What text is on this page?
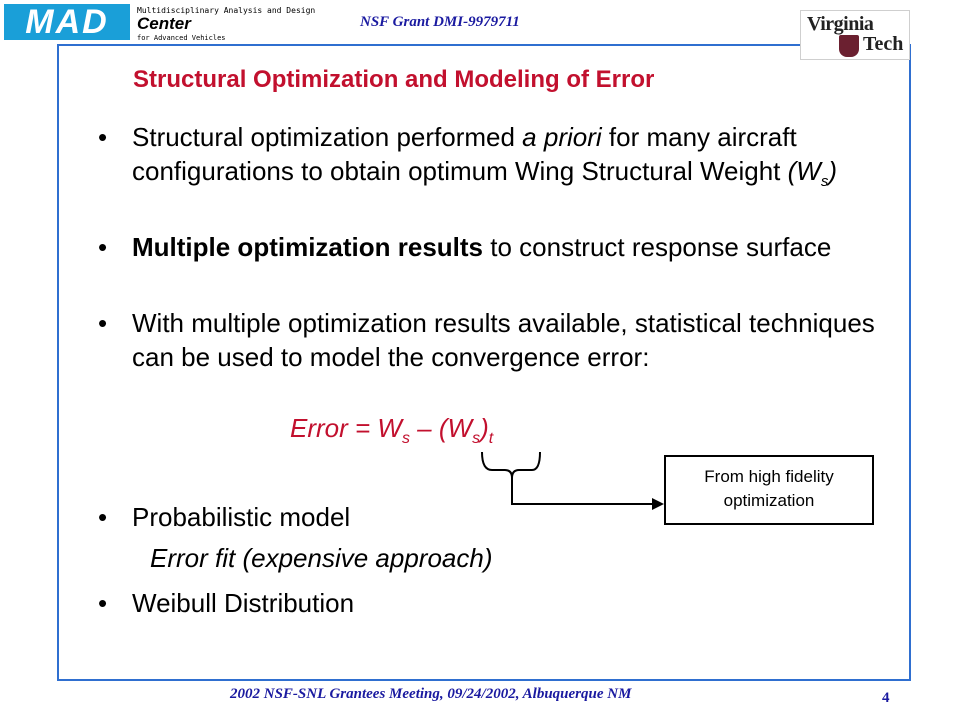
MAD	Multidisciplinary Analysis and Design
Center
for Advanced Vehicles
NSF Grant DMI-9979711	Virginia
Tech
Structural Optimization and Modeling of Error
• Structural optimization performed a priori for many aircraft configurations to obtain optimum Wing Structural Weight $(W_s)$
• Multiple optimization results to construct response surface
• With multiple optimization results available, statistical techniques can be used to model the convergence error:
Error = $W_s - (W_s)_t$
From high fidelity
optimization
• Probabilistic model
Error fit (expensive approach)
• Weibull Distribution
2002 NSF-SNL Grantees Meeting, 09/24/2002, Albuquerque NM	4
